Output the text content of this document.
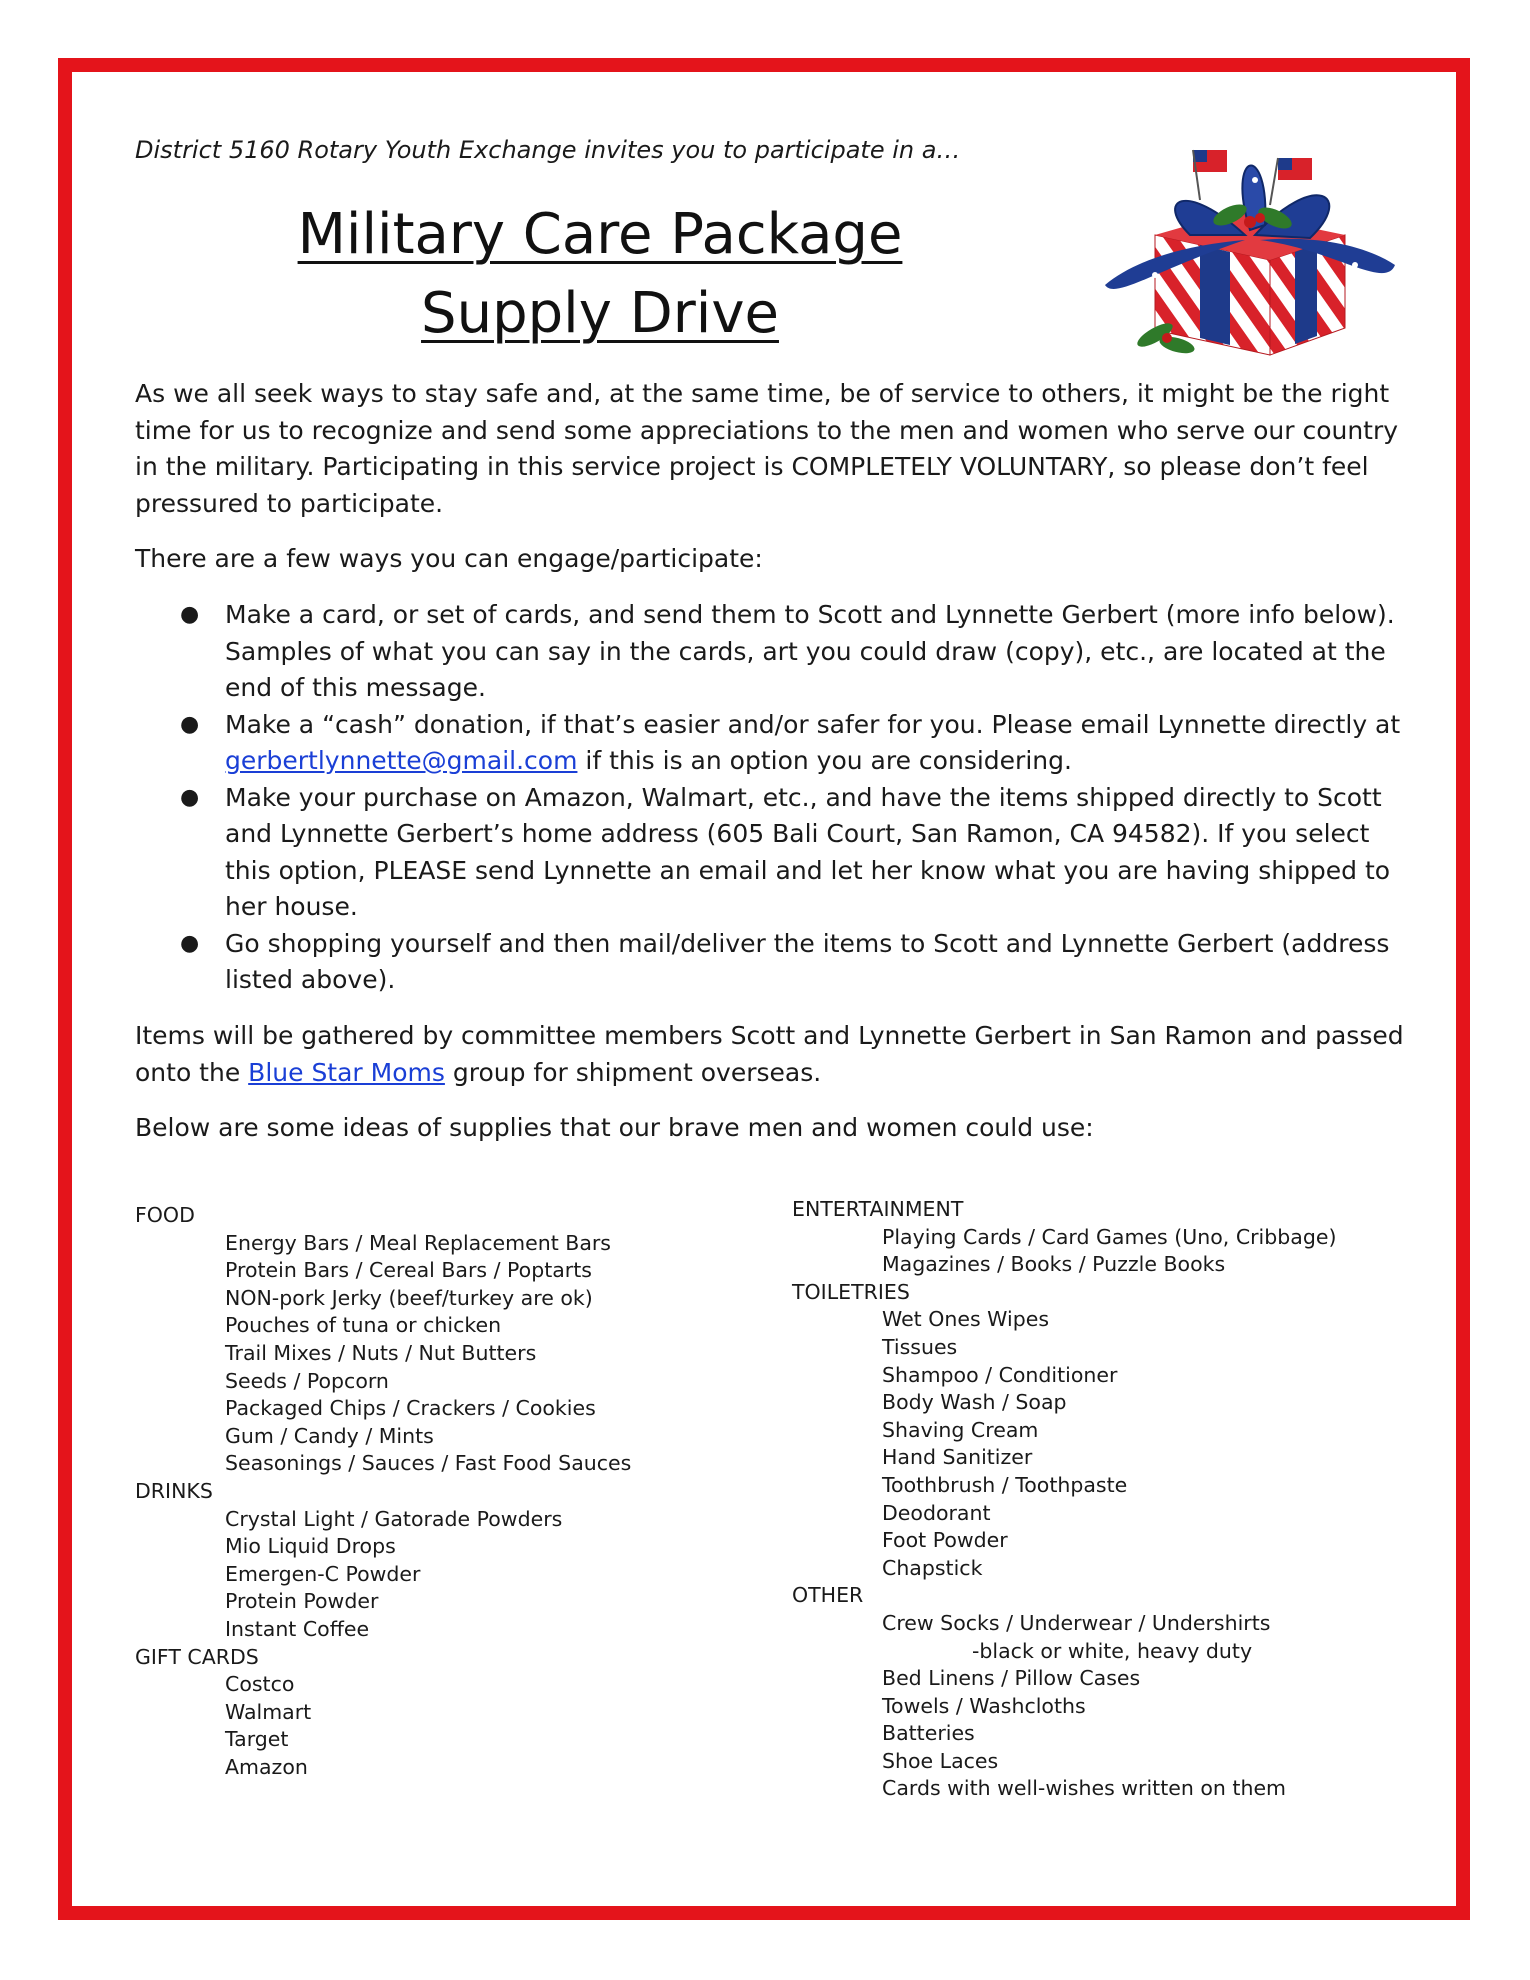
District 5160 Rotary Youth Exchange invites you to participate in a…
Military Care Package
Supply Drive

As we all seek ways to stay safe and, at the same time, be of service to others, it might be the right time for us to recognize and send some appreciations to the men and women who serve our country in the military. Participating in this service project is COMPLETELY VOLUNTARY, so please don’t feel pressured to participate.

There are a few ways you can engage/participate:

● Make a card, or set of cards, and send them to Scott and Lynnette Gerbert (more info below). Samples of what you can say in the cards, art you could draw (copy), etc., are located at the end of this message.
● Make a “cash” donation, if that’s easier and/or safer for you. Please email Lynnette directly at gerbertlynnette@gmail.com if this is an option you are considering.
● Make your purchase on Amazon, Walmart, etc., and have the items shipped directly to Scott and Lynnette Gerbert’s home address (605 Bali Court, San Ramon, CA 94582). If you select this option, PLEASE send Lynnette an email and let her know what you are having shipped to her house.
● Go shopping yourself and then mail/deliver the items to Scott and Lynnette Gerbert (address listed above).

Items will be gathered by committee members Scott and Lynnette Gerbert in San Ramon and passed onto the Blue Star Moms group for shipment overseas.

Below are some ideas of supplies that our brave men and women could use:

FOOD

Energy Bars / Meal Replacement Bars

Protein Bars / Cereal Bars / Poptarts

NON-pork Jerky (beef/turkey are ok)

Pouches of tuna or chicken

Trail Mixes / Nuts / Nut Butters

Seeds / Popcorn

Packaged Chips / Crackers / Cookies

Gum / Candy / Mints

Seasonings / Sauces / Fast Food Sauces

DRINKS

Crystal Light / Gatorade Powders

Mio Liquid Drops

Emergen-C Powder

Protein Powder

Instant Coffee

GIFT CARDS

Costco

Walmart

Target

Amazon

ENTERTAINMENT

Playing Cards / Card Games (Uno, Cribbage)

Magazines / Books / Puzzle Books

TOILETRIES

Wet Ones Wipes

Tissues

Shampoo / Conditioner

Body Wash / Soap

Shaving Cream

Hand Sanitizer

Toothbrush / Toothpaste

Deodorant

Foot Powder

Chapstick

OTHER

Crew Socks / Underwear / Undershirts

-black or white, heavy duty

Bed Linens / Pillow Cases

Towels / Washcloths

Batteries

Shoe Laces

Cards with well-wishes written on them
